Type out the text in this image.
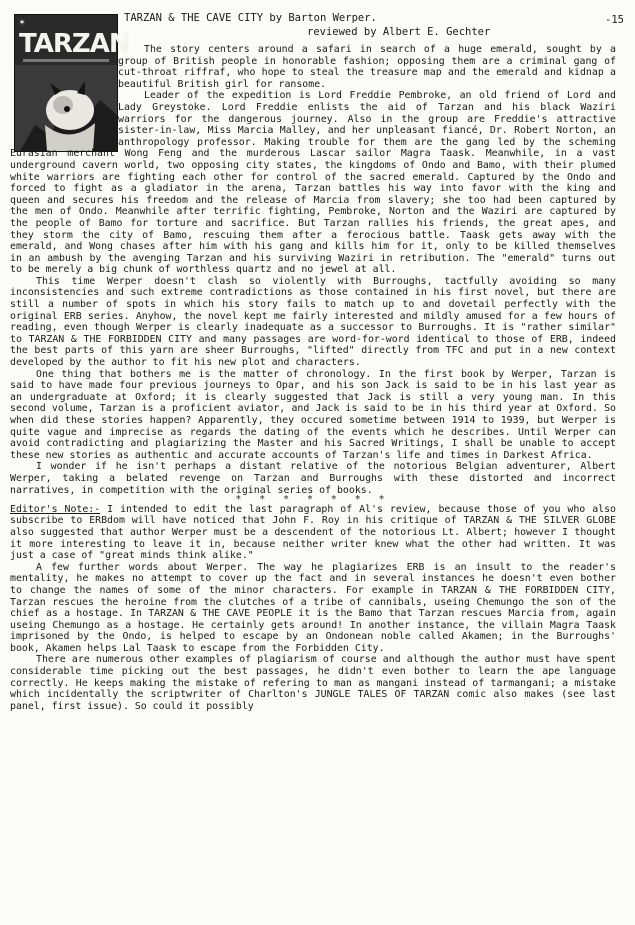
TARZAN & THE CAVE CITY by Barton Werper.
reviewed by Albert E. Gechter
-15
✶
TARZAN	The story centers around a safari in search of a huge emerald, sought by a group of British people in honorable fashion; opposing them are a criminal gang of cut-throat riffraf, who hope to steal the treasure map and the emerald and kidnap a beautiful British girl for ransome.

Leader of the expedition is Lord Freddie Pembroke, an old friend of Lord and Lady Greystoke. Lord Freddie enlists the aid of Tarzan and his black Waziri warriors for the dangerous journey. Also in the group are Freddie's attractive sister-in-law, Miss Marcia Malley, and her unpleasant fiancé, Dr. Robert Norton, an anthropology professor. Making trouble for them are the gang led by the scheming Eurasian merchant Wong Feng and the murderous Lascar sailor Magra Taask. Meanwhile, in a vast underground cavern world, two opposing city states, the kingdoms of Ondo and Bamo, with their plumed white warriors are fighting each other for control of the sacred emerald. Captured by the Ondo and forced to fight as a gladiator in the arena, Tarzan battles his way into favor with the king and queen and secures his freedom and the release of Marcia from slavery; she too had been captured by the men of Ondo. Meanwhile after terrific fighting, Pembroke, Norton and the Waziri are captured by the people of Bamo for torture and sacrifice. But Tarzan rallies his friends, the great apes, and they storm the city of Bamo, rescuing them after a ferocious battle. Taask gets away with the emerald, and Wong chases after him with his gang and kills him for it, only to be killed themselves in an ambush by the avenging Tarzan and his surviving Waziri in retribution. The "emerald" turns out to be merely a big chunk of worthless quartz and no jewel at all.

This time Werper doesn't clash so violently with Burroughs, tactfully avoiding so many inconsistencies and such extreme contradictions as those contained in his first novel, but there are still a number of spots in which his story fails to match up to and dovetail perfectly with the original ERB series. Anyhow, the novel kept me fairly interested and mildly amused for a few hours of reading, even though Werper is clearly inadequate as a successor to Burroughs. It is "rather similar" to TARZAN & THE FORBIDDEN CITY and many passages are word-for-word identical to those of ERB, indeed the best parts of this yarn are sheer Burroughs, "lifted" directly from TFC and put in a new context developed by the author to fit his new plot and characters.

One thing that bothers me is the matter of chronology. In the first book by Werper, Tarzan is said to have made four previous journeys to Opar, and his son Jack is said to be in his last year as an undergraduate at Oxford; it is clearly suggested that Jack is still a very young man. In this second volume, Tarzan is a proficient aviator, and Jack is said to be in his third year at Oxford. So when did these stories happen? Apparently, they occured sometime between 1914 to 1939, but Werper is quite vague and imprecise as regards the dating of the events which he describes. Until Werper can avoid contradicting and plagiarizing the Master and his Sacred Writings, I shall be unable to accept these new stories as authentic and accurate accounts of Tarzan's life and times in Darkest Africa.

I wonder if he isn't perhaps a distant relative of the notorious Belgian adventurer, Albert Werper, taking a belated revenge on Tarzan and Burroughs with these distorted and incorrect narratives, in competition with the original series of books.

* * * * * * *

Editor's Note:- I intended to edit the last paragraph of Al's review, because those of you who also subscribe to ERBdom will have noticed that John F. Roy in his critique of TARZAN & THE SILVER GLOBE also suggested that author Werper must be a descendent of the notorious Lt. Albert; however I thought it more interesting to leave it in, because neither writer knew what the other had written. It was just a case of "great minds think alike."

A few further words about Werper. The way he plagiarizes ERB is an insult to the reader's mentality, he makes no attempt to cover up the fact and in several instances he doesn't even bother to change the names of some of the minor characters. For example in TARZAN & THE FORBIDDEN CITY, Tarzan rescues the heroine from the clutches of a tribe of cannibals, useing Chemungo the son of the chief as a hostage. In TARZAN & THE CAVE PEOPLE it is the Bamo that Tarzan rescues Marcia from, again useing Chemungo as a hostage. He certainly gets around! In another instance, the villain Magra Taask imprisoned by the Ondo, is helped to escape by an Ondonean noble called Akamen; in the Burroughs' book, Akamen helps Lal Taask to escape from the Forbidden City.

There are numerous other examples of plagiarism of course and although the author must have spent considerable time picking out the best passages, he didn't even bother to learn the ape language correctly. He keeps making the mistake of refering to man as mangani instead of tarmangani; a mistake which incidentally the scriptwriter of Charlton's JUNGLE TALES OF TARZAN comic also makes (see last panel, first issue). So could it possibly
